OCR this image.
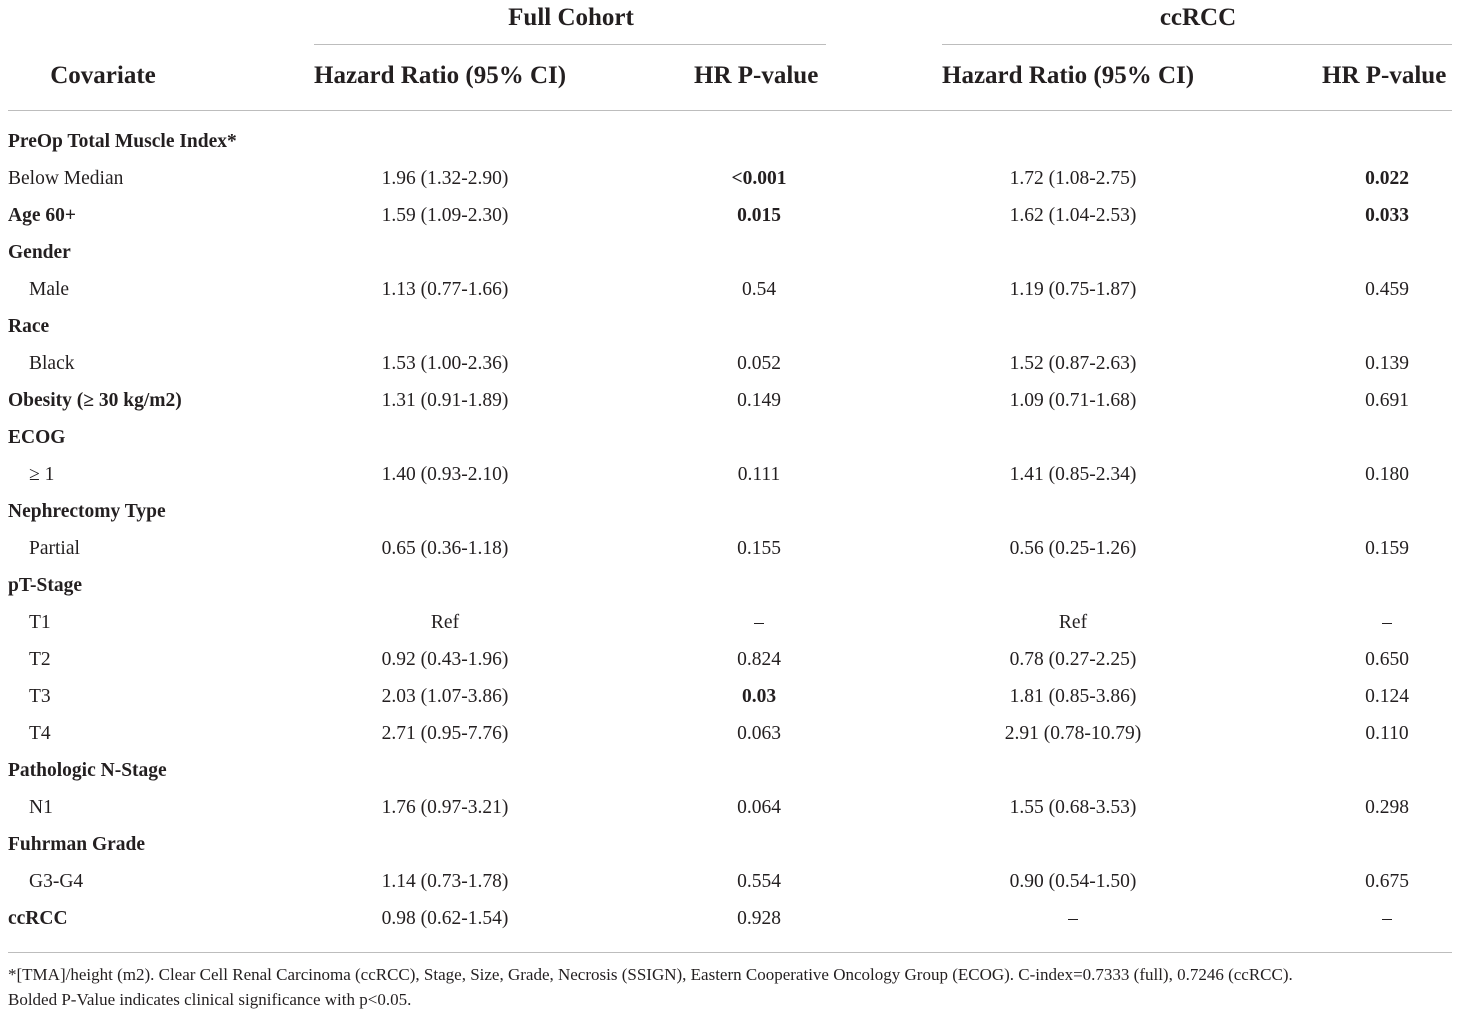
Full Cohort	ccRCC
Covariate	Hazard Ratio (95% CI)	HR P-value	Hazard Ratio (95% CI)	HR P-value
PreOp Total Muscle Index*
Below Median	1.96 (1.32-2.90)	<0.001	1.72 (1.08-2.75)	0.022
Age 60+	1.59 (1.09-2.30)	0.015	1.62 (1.04-2.53)	0.033
Gender
Male	1.13 (0.77-1.66)	0.54	1.19 (0.75-1.87)	0.459
Race
Black	1.53 (1.00-2.36)	0.052	1.52 (0.87-2.63)	0.139
Obesity (≥ 30 kg/m2)	1.31 (0.91-1.89)	0.149	1.09 (0.71-1.68)	0.691
ECOG
≥ 1	1.40 (0.93-2.10)	0.111	1.41 (0.85-2.34)	0.180
Nephrectomy Type
Partial	0.65 (0.36-1.18)	0.155	0.56 (0.25-1.26)	0.159
pT-Stage
T1	Ref	–	Ref	–
T2	0.92 (0.43-1.96)	0.824	0.78 (0.27-2.25)	0.650
T3	2.03 (1.07-3.86)	0.03	1.81 (0.85-3.86)	0.124
T4	2.71 (0.95-7.76)	0.063	2.91 (0.78-10.79)	0.110
Pathologic N-Stage
N1	1.76 (0.97-3.21)	0.064	1.55 (0.68-3.53)	0.298
Fuhrman Grade
G3-G4	1.14 (0.73-1.78)	0.554	0.90 (0.54-1.50)	0.675
ccRCC	0.98 (0.62-1.54)	0.928	–	–

*[TMA]/height (m2). Clear Cell Renal Carcinoma (ccRCC), Stage, Size, Grade, Necrosis (SSIGN), Eastern Cooperative Oncology Group (ECOG). C-index=0.7333 (full), 0.7246 (ccRCC).

Bolded P-Value indicates clinical significance with p<0.05.
